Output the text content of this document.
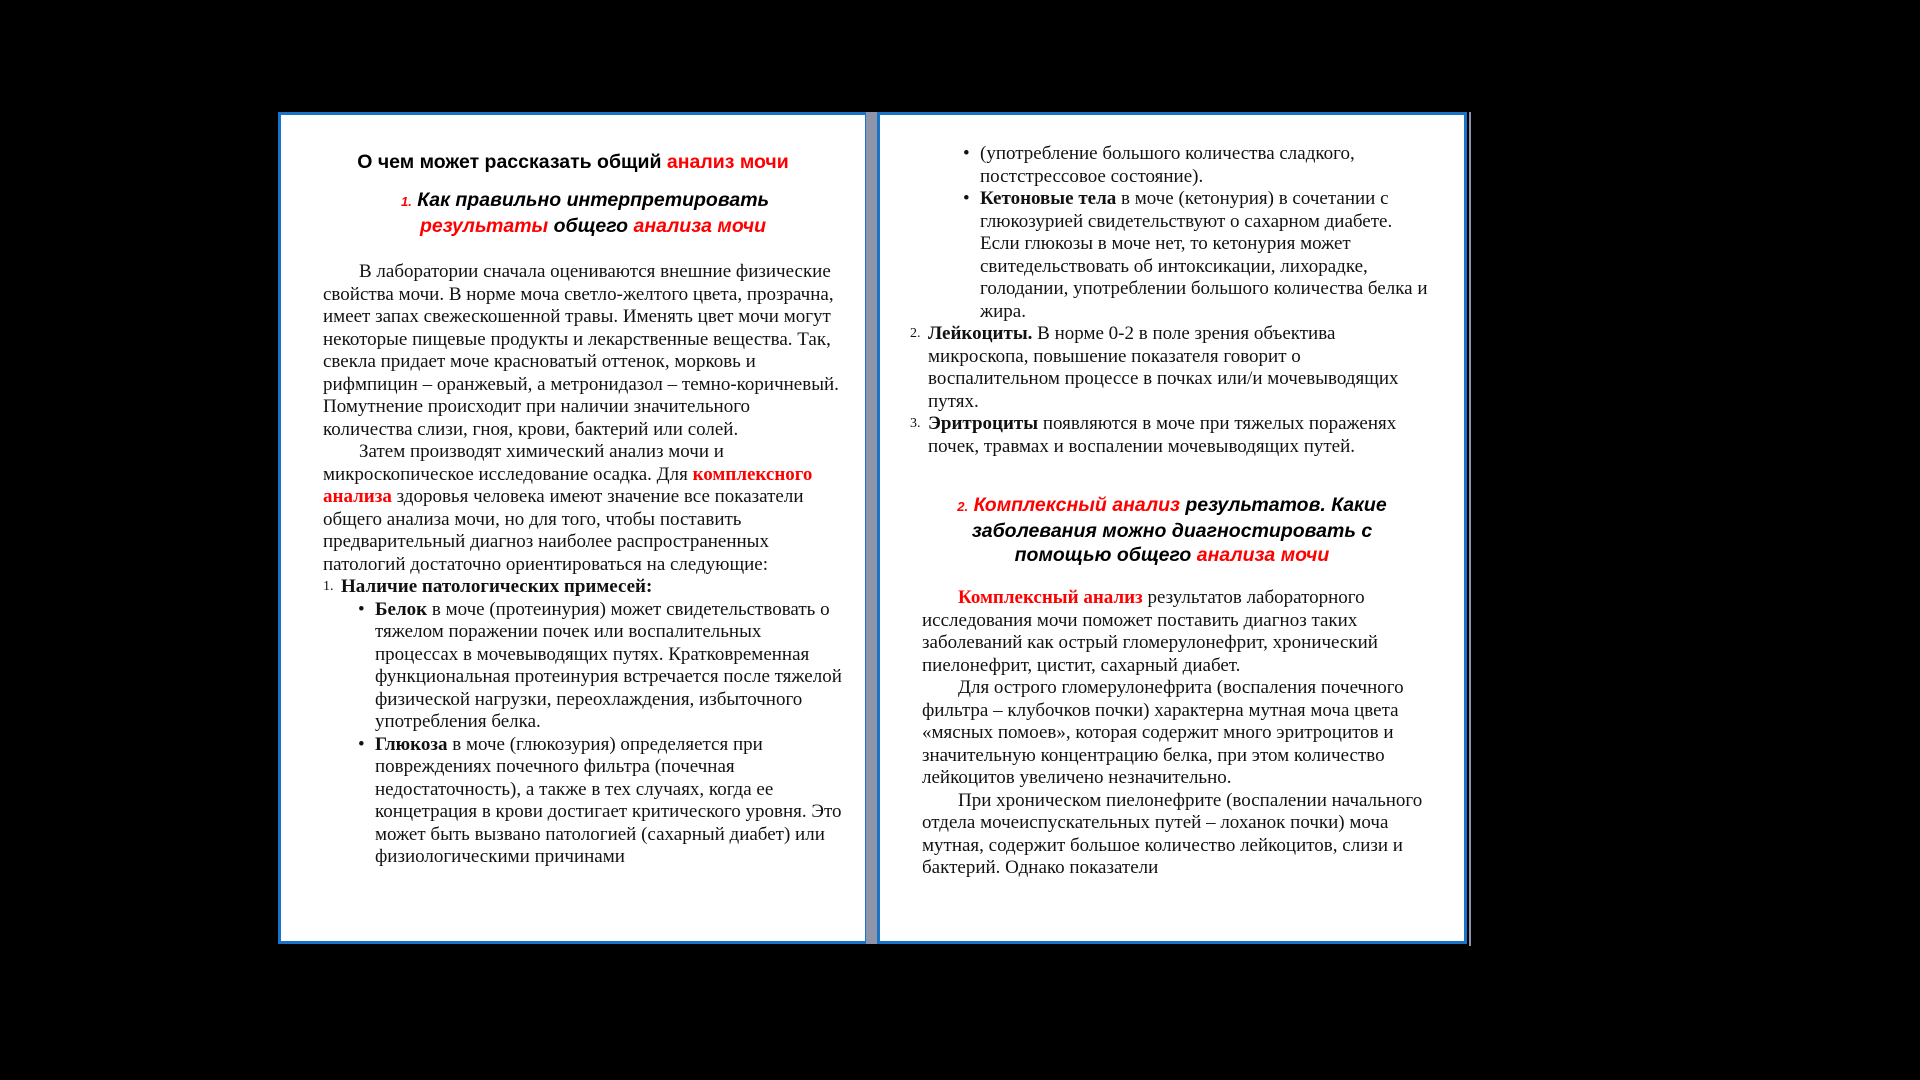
О чем может рассказать общий анализ мочи

1. Как правильно интерпретировать
результаты общего анализа мочи

В лаборатории сначала оцениваются внешние физические свойства мочи. В норме моча светло-желтого цвета, прозрачна, имеет запах свежескошенной травы. Именять цвет мочи могут некоторые пищевые продукты и лекарственные вещества. Так, свекла придает моче красноватый оттенок, морковь и рифмпицин – оранжевый, а метронидазол – темно-коричневый. Помутнение происходит при наличии значительного количества слизи, гноя, крови, бактерий или солей.

Затем производят химический анализ мочи и микроскопическое исследование осадка. Для комплексного анализа здоровья человека имеют значение все показатели общего анализа мочи, но для того, чтобы поставить предварительный диагноз наиболее распространенных патологий достаточно ориентироваться на следующие:

1. Наличие патологических примесей:
• Белок в моче (протеинурия) может свидетельствовать о тяжелом поражении почек или воспалительных процессах в мочевыводящих путях. Кратковременная функциональная протеинурия встречается после тяжелой физической нагрузки, переохлаждения, избыточного употребления белка.
• Глюкоза в моче (глюкозурия) определяется при повреждениях почечного фильтра (почечная недостаточность), а также в тех случаях, когда ее концетрация в крови достигает критического уровня. Это может быть вызвано патологией (сахарный диабет) или физиологическими причинами
• (употребление большого количества сладкого, постстрессовое состояние).
• Кетоновые тела в моче (кетонурия) в сочетании с глюкозурией свидетельствуют о сахарном диабете. Если глюкозы в моче нет, то кетонурия может свитедельствовать об интоксикации, лихорадке, голодании, употреблении большого количества белка и жира.
2. Лейкоциты. В норме 0-2 в поле зрения объектива микроскопа, повышение показателя говорит о воспалительном процессе в почках или/и мочевыводящих путях.
3. Эритроциты появляются в моче при тяжелых пораженях почек, травмах и воспалении мочевыводящих путей.
2. Комплексный анализ результатов. Какие
заболевания можно диагностировать с
помощью общего анализа мочи

Комплексный анализ результатов лабораторного исследования мочи поможет поставить диагноз таких заболеваний как острый гломерулонефрит, хронический пиелонефрит, цистит, сахарный диабет.

Для острого гломерулонефрита (воспаления почечного фильтра – клубочков почки) характерна мутная моча цвета «мясных помоев», которая содержит много эритроцитов и значительную концентрацию белка, при этом количество лейкоцитов увеличено незначительно.

При хроническом пиелонефрите (воспалении начального отдела мочеиспускательных путей – лоханок почки) моча мутная, содержит большое количество лейкоцитов, слизи и бактерий. Однако показатели
